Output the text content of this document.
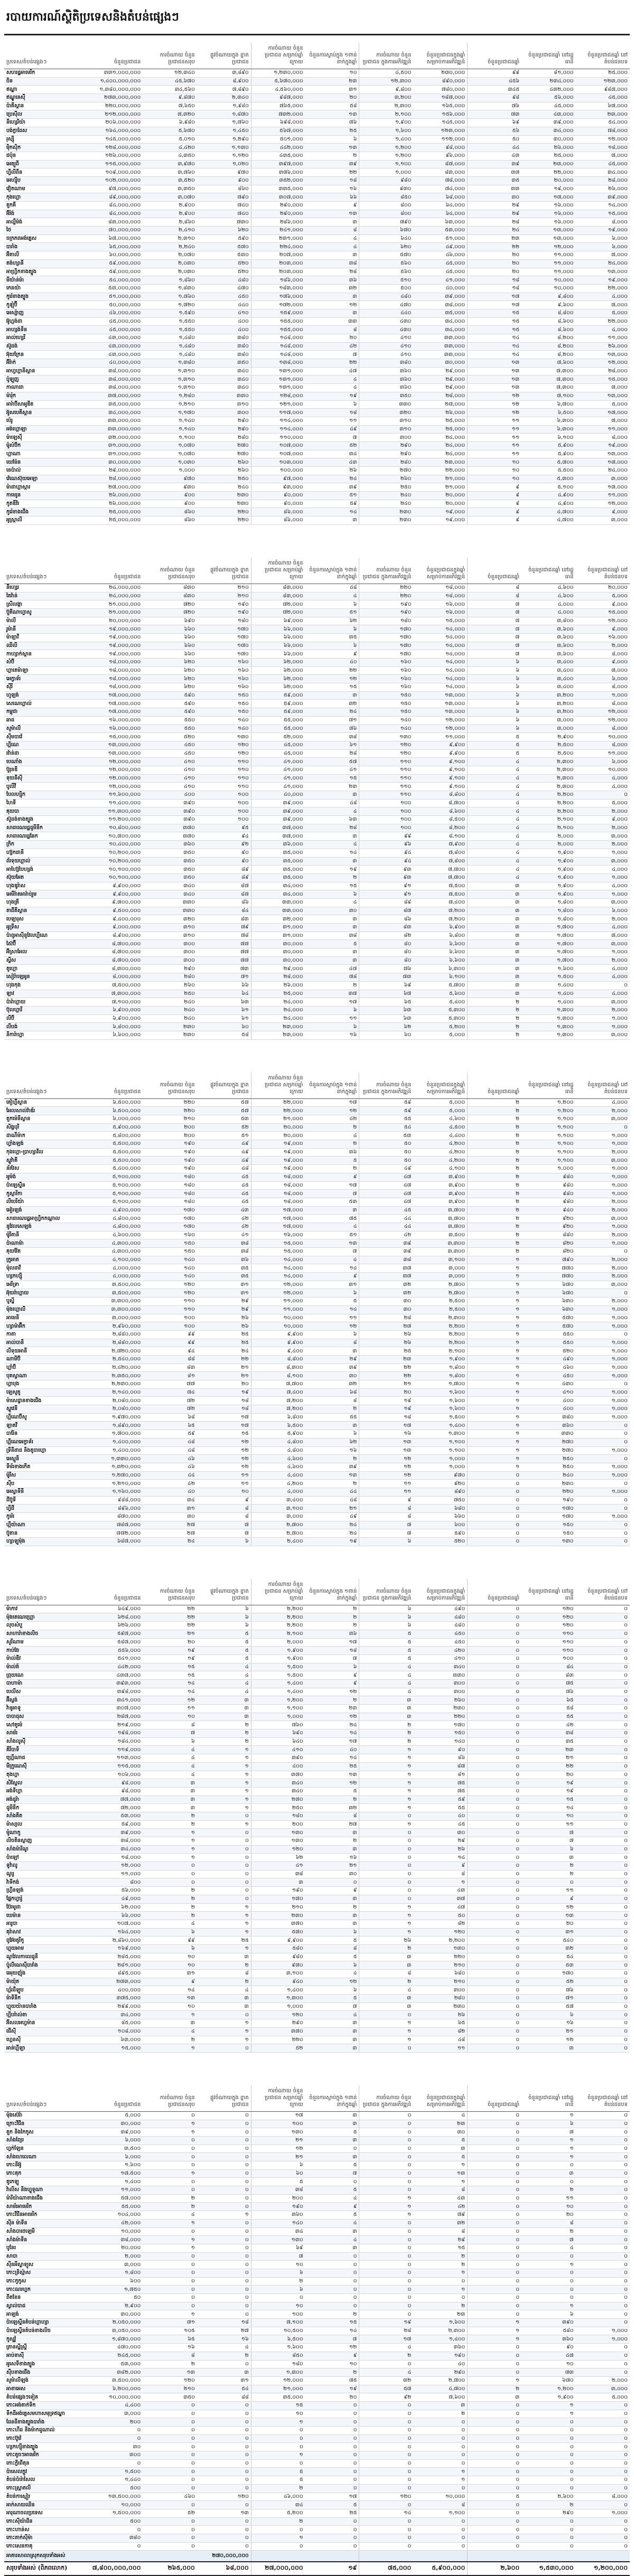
របាយការណ៍ស្ថិតិប្រទេសនិងតំបន់ផ្សេងៗ
ប្រទេស/តំបន់ផ្សេងៗ	ចំនួនប្រជាជន	ការចំណាយ ចំនួនប្រជាជនសរុប	ផ្លូវចំណាយក្នុង ខ្នាតប្រជាជន	ការចំណាយ ចំនួនប្រជាជន សម្រាប់ឆ្នាំក្រោយ	ចំនួនការស្លាប់ក្នុង ១ពាន់នាក់ក្នុងឆ្នាំ	ការចំណាយ ចំនួនប្រជាជន ក្នុងការអភិវឌ្ឍន៍	ចំនួនប្រជាជនក្នុងឆ្នាំ សម្រាប់ការអភិវឌ្ឍន៍	ចំនួនប្រជាជនឆ្នាំ	ចំនួនប្រជាជនឆ្នាំ នៅរដ្ឋធានី	ចំនួនប្រជាជនឆ្នាំ នៅតំបន់ជនបទ
សហរដ្ឋអាមេរិក	៣៣១,០០០,០០០	១២,៣៤០	៣,៨៩០	១,២៣០,០០០	១០	៤,៥០០	២៣០,០០០	៩៩	៨១,០០០	២៥,០០០
ចិន	១,៤០០,០០០,០០០	៤៥,៦៧០	៨,៩០០	៥,៦៧០,០០០	២៣	១២,៣០០	៨៩០,០០០	៤៥៦	២៣៤,០០០	១២៣,០០០
ឥណ្ឌា	១,៣៨០,០០០,០០០	៣៤,៥៦០	៧,៨៩០	៤,៥៦០,០០០	៣១	៩,៨០០	៧៨០,០០០	៣៤៥	៤៣២,០០០	៩៨៧,០០០
ឥណ្ឌូនេស៊ី	២៧៣,០០០,០០០	៩,៨៧០	២,៣៤០	៩៨៧,០០០	២០	៣,២០០	១៨៧,០០០	៩៨	៥៦,០០០	៤៥,០០០
ប៉ាគីស្ថាន	២២០,០០០,០០០	៧,៦៥០	១,៩៨០	៧៦៥,០០០	៥៨	២,៣០០	១៦៥,០០០	៧៦	៤៥,០០០	៦៧,០០០
ប្រេស៊ីល	២១២,០០០,០០០	៧,៣២០	១,៨៧០	៧៣២,០០០	១៣	២,១០០	១៥៦,០០០	៧៣	៤៣,០០០	២៣,០០០
នីហ្សេរីយ៉ា	២០៦,០០០,០០០	៦,៩៨០	១,៧៦០	៦៩៨,០០០	៧៦	១,៩០០	១៤៥,០០០	៦៩	៣៩,០០០	៥៤,០០០
បង់ក្លាដែស	១៦៤,០០០,០០០	៥,៦៧០	១,៤៥០	៥៦៧,០០០	២៥	១,៦០០	១២៣,០០០	៥៦	៣៤,០០០	៧៨,០០០
រុស្ស៊ី	១៤៥,០០០,០០០	៥,០១០	១,២៩០	៥០១,០០០	៦	១,៤០០	១១២,០០០	៥០	៣០,០០០	១២,០០០
ម៉ិកស៊ិក	១២៨,០០០,០០០	៤,៤២០	១,១៣០	៤៤២,០០០	១៣	១,២០០	៩៨,០០០	៤៤	២៦,០០០	១៨,០០០
ជប៉ុន	១២៦,០០០,០០០	៤,៣៥០	១,១២០	៤៣៥,០០០	២	១,២០០	៩៦,០០០	៤៣	២៥,០០០	៧,០០០
អេត្យូពី	១១៥,០០០,០០០	៣,៩៧០	១,០២០	៣៩៧,០០០	៣៩	១,១០០	៨៧,០០០	៣៩	២៣,០០០	៤៥,០០០
ហ្វីលីពីន	១០៩,០០០,០០០	៣,៧៦០	៩៧០	៣៧៦,០០០	២២	១,០០០	៨៣,០០០	៣៧	២២,០០០	៣៤,០០០
អេហ្ស៊ីប	១០២,០០០,០០០	៣,៥២០	៩០០	៣៥២,០០០	១៨	៩៨០	៧៨,០០០	៣៥	២០,០០០	២៨,០០០
វៀតណាម	៩៧,០០០,០០០	៣,៣៥០	៨៦០	៣៣៥,០០០	១៦	៩៣០	៧៤,០០០	៣៣	១៩,០០០	២៦,០០០
កុងហ្គោ	៨៩,០០០,០០០	៣,០៧០	៧៩០	៣០៧,០០០	៦៦	៨៥០	៦៨,០០០	៣០	១៧,០០០	៣៩,០០០
តួកគី	៨៤,០០០,០០០	២,៩០០	៧៤០	២៩០,០០០	៩	៨០០	៦៤,០០០	២៩	១៦,០០០	១៤,០០០
អ៊ីរ៉ង់	៨៤,០០០,០០០	២,៩០០	៧៤០	២៩០,០០០	១៣	៨០០	៦៤,០០០	២៩	១៦,០០០	១៥,០០០
អាល្លឺម៉ង់	៨៣,០០០,០០០	២,៨៦០	៧៣០	២៨៦,០០០	៣	៧៩០	៦៣,០០០	២៨	១៦,០០០	៨,០០០
ថៃ	៧០,០០០,០០០	២,៤១០	៦២០	២៤១,០០០	៨	៦៧០	៥៣,០០០	២៤	១៣,០០០	១៩,០០០
ចក្រភពអង់គ្លេស	៦៧,០០០,០០០	២,៣១០	៥៩០	២៣១,០០០	៤	៦៤០	៥១,០០០	២៣	១៣,០០០	៦,០០០
បារាំង	៦៥,០០០,០០០	២,២៤០	៥៧០	២២៤,០០០	៤	៦២០	៤៩,០០០	២២	១២,០០០	៦,០០០
អ៊ីតាលី	៦០,០០០,០០០	២,០៧០	៥៣០	២០៧,០០០	៣	៥៧០	៤៦,០០០	២០	១១,០០០	៧,០០០
តង់ហ្សានី	៥៩,០០០,០០០	២,០៣០	៥២០	២០៣,០០០	៣៨	៥៦០	៤៥,០០០	២០	១១,០០០	២៤,០០០
អាហ្វ្រិកខាងត្បូង	៥៩,០០០,០០០	២,០៣០	៥២០	២០៣,០០០	២៨	៥៦០	៤៥,០០០	២០	១១,០០០	១៣,០០០
មីយ៉ាន់ម៉ា	៥៤,០០០,០០០	១,៨៦០	៤៨០	១៨៦,០០០	៣៦	៥១០	៤១,០០០	១៨	១០,០០០	១៩,០០០
កេនយ៉ា	៥៣,០០០,០០០	១,៨៣០	៤៧០	១៨៣,០០០	៣២	៥០០	៤០,០០០	១៨	១០,០០០	២២,០០០
កូរ៉េខាងត្បូង	៥១,០០០,០០០	១,៧៦០	៤៥០	១៧៦,០០០	៣	៤៨០	៣៩,០០០	១៧	៩,៨០០	៤,០០០
កូឡុំប៊ី	៥០,០០០,០០០	១,៧២០	៤៤០	១៧២,០០០	១២	៤៧០	៣៨,០០០	១៧	៩,៦០០	៧,០០០
អេស្ប៉ាញ	៤៦,០០០,០០០	១,៥៩០	៤១០	១៥៩,០០០	៣	៤៤០	៣៥,០០០	១៥	៨,៨០០	៥,០០០
អ៊ូហ្គង់ដា	៤៥,០០០,០០០	១,៥៥០	៤០០	១៥៥,០០០	៣៣	៤៣០	៣៤,០០០	១៥	៨,៦០០	២២,០០០
អាហ្សង់ទីន	៤៥,០០០,០០០	១,៥៥០	៤០០	១៥៥,០០០	៨	៤៣០	៣៤,០០០	១៥	៨,៦០០	៤,០០០
អាល់ហ្សេរី	៤៣,០០០,០០០	១,៤៨០	៣៨០	១៤៨,០០០	២០	៤១០	៣៣,០០០	១៤	៨,២០០	១១,០០០
ស៊ូដង់	៤៣,០០០,០០០	១,៤៨០	៣៨០	១៤៨,០០០	៤២	៤១០	៣៣,០០០	១៤	៨,២០០	២៦,០០០
អ៊ុយក្រែន	៤៣,០០០,០០០	១,៤៨០	៣៨០	១៤៨,០០០	៧	៤១០	៣៣,០០០	១៤	៨,២០០	១៣,០០០
អ៊ីរ៉ាក់	៤០,០០០,០០០	១,៣៨០	៣៥០	១៣៨,០០០	២២	៣៨០	៣០,០០០	១៣	៧,៦០០	១២,០០០
អាហ្វហ្គានីស្ថាន	៣៨,០០០,០០០	១,៣១០	៣៤០	១៣១,០០០	៤៧	៣៦០	២៩,០០០	១៣	៧,៣០០	២៨,០០០
ប៉ូឡូញ	៣៨,០០០,០០០	១,៣១០	៣៤០	១៣១,០០០	៤	៣៦០	២៩,០០០	១៣	៧,៣០០	១៥,០០០
កាណាដា	៣៨,០០០,០០០	១,៣១០	៣៤០	១៣១,០០០	៤	៣៦០	២៩,០០០	១៣	៧,៣០០	៧,០០០
ម៉ារ៉ុក	៣៧,០០០,០០០	១,២៨០	៣៣០	១២៨,០០០	១៩	៣៥០	២៨,០០០	១២	៧,១០០	១៣,០០០
អារ៉ាប៊ីសាអូឌីត	៣៥,០០០,០០០	១,២១០	៣១០	១២១,០០០	៦	៣៣០	២៧,០០០	១២	៦,៧០០	៥,០០០
អ៊ូសបេគីស្ថាន	៣៤,០០០,០០០	១,១៧០	៣០០	១១៧,០០០	១៨	៣២០	២៦,០០០	១២	៦,៥០០	១៧,០០០
ប៉េរូ	៣៣,០០០,០០០	១,១៤០	២៩០	១១៤,០០០	១១	៣១០	២៥,០០០	១១	៦,៣០០	៧,០០០
អង់ហ្គោឡា	៣៣,០០០,០០០	១,១៤០	២៩០	១១៤,០០០	៤៩	៣១០	២៥,០០០	១១	៦,៣០០	១១,០០០
ម៉ាឡេស៊ី	៣២,០០០,០០០	១,១០០	២៨០	១១០,០០០	៧	៣០០	២៤,០០០	១១	៦,១០០	៨,០០០
ម៉ូសំប៊ិក	៣១,០០០,០០០	១,០៧០	២៧០	១០៧,០០០	៥២	២៩០	២៤,០០០	១១	៥,៩០០	១៩,០០០
ហ្គាណា	៣១,០០០,០០០	១,០៧០	២៧០	១០៧,០០០	៣៤	២៩០	២៤,០០០	១១	៥,៩០០	១៣,០០០
យេម៉ែន	៣០,០០០,០០០	១,០៣០	២៦០	១០៣,០០០	៤៣	២៨០	២៣,០០០	១០	៥,៧០០	១៧,០០០
នេប៉ាល់	២៩,០០០,០០០	១,០០០	២៦០	១០០,០០០	២៦	២៧០	២២,០០០	១០	៥,៥០០	២៤,០០០
វ៉េណេស៊ុយអេឡា	២៨,០០០,០០០	៩៧០	២៥០	៩៧,០០០	២៤	២៦០	២១,០០០	១០	៥,៣០០	៣,០០០
ម៉ាដាហ្គាស្ការ	២៧,០០០,០០០	៩៣០	២៤០	៩៣,០០០	៣៩	២៥០	២១,០០០	៩	៥,១០០	១៧,០០០
កាមេរូន	២៦,០០០,០០០	៩០០	២៣០	៩០,០០០	៥១	២៤០	២០,០០០	៩	៤,៩០០	១១,០០០
កូតឌីវ័រ	២៦,០០០,០០០	៩០០	២៣០	៩០,០០០	៥៩	២៤០	២០,០០០	៩	៤,៩០០	១២,០០០
កូរ៉េខាងជើង	២៥,០០០,០០០	៨៦០	២២០	៨៦,០០០	១៤	២៣០	១៩,០០០	៩	៤,៧០០	៩,០០០
អូស្ត្រាលី	២៥,០០០,០០០	៨៦០	២២០	៨៦,០០០	៣	២៣០	១៩,០០០	៩	៤,៧០០	៣,០០០
ប្រទេស/តំបន់ផ្សេងៗ	ចំនួនប្រជាជន	ការចំណាយ ចំនួនប្រជាជនសរុប	ផ្លូវចំណាយក្នុង ខ្នាតប្រជាជន	ការចំណាយ ចំនួនប្រជាជន សម្រាប់ឆ្នាំក្រោយ	ចំនួនការស្លាប់ក្នុង ១ពាន់នាក់ក្នុងឆ្នាំ	ការចំណាយ ចំនួនប្រជាជន ក្នុងការអភិវឌ្ឍន៍	ចំនួនប្រជាជនក្នុងឆ្នាំ សម្រាប់ការអភិវឌ្ឍន៍	ចំនួនប្រជាជនឆ្នាំ	ចំនួនប្រជាជនឆ្នាំ នៅរដ្ឋធានី	ចំនួនប្រជាជនឆ្នាំ នៅតំបន់ជនបទ
នីហ្សេរ	២៤,០០០,០០០	៨៣០	២១០	៨៣,០០០	៤៨	២២០	១៨,០០០	៨	៤,៦០០	២០,០០០
តៃវ៉ាន់	២៤,០០០,០០០	៨៣០	២១០	៨៣,០០០	៤	២២០	១៨,០០០	៨	៤,៦០០	៥,០០០
ស្រីលង្កា	២១,០០០,០០០	៧២០	១៩០	៧២,០០០	៦	១៩០	១៦,០០០	៧	៤,០០០	៩,០០០
ប៊ួគីណាហ្វាសូ	២១,០០០,០០០	៧២០	១៩០	៧២,០០០	៥១	១៩០	១៦,០០០	៧	៤,០០០	១៥,០០០
ម៉ាលី	២០,០០០,០០០	៦៩០	១៨០	៦៩,០០០	៦២	១៨០	១៥,០០០	៧	៣,៨០០	១២,០០០
រូម៉ានី	១៩,០០០,០០០	៦៦០	១៧០	៦៦,០០០	៦	១៧០	១៤,០០០	៧	៣,៦០០	៩,០០០
ម៉ាឡាវី	១៩,០០០,០០០	៦៦០	១៧០	៦៦,០០០	៣៥	១៧០	១៤,០០០	៧	៣,៦០០	១៦,០០០
ឈីលី	១៩,០០០,០០០	៦៦០	១៧០	៦៦,០០០	៦	១៧០	១៤,០០០	៧	៣,៦០០	២,០០០
កាហ្សាក់ស្ថាន	១៩,០០០,០០០	៦៦០	១៧០	៦៦,០០០	៩	១៧០	១៤,០០០	៧	៣,៦០០	៨,០០០
សំប៊ី	១៨,០០០,០០០	៦២០	១៦០	៦២,០០០	៤០	១៦០	១៤,០០០	៦	៣,៤០០	៩,០០០
ហ្គាតេម៉ាឡា	១៨,០០០,០០០	៦២០	១៦០	៦២,០០០	២២	១៦០	១៤,០០០	៦	៣,៤០០	៧,០០០
អេក្វាទ័រ	១៨,០០០,០០០	៦២០	១៦០	៦២,០០០	១២	១៦០	១៤,០០០	៦	៣,៤០០	៦,០០០
ស៊ីរី	១៨,០០០,០០០	៦២០	១៦០	៦២,០០០	១៥	១៦០	១៤,០០០	៦	៣,៤០០	៨,០០០
ហូឡង់	១៧,០០០,០០០	៥៩០	១៥០	៥៩,០០០	៣	១៥០	១៣,០០០	៦	៣,២០០	១,០០០
សេណេហ្គាល់	១៧,០០០,០០០	៥៩០	១៥០	៥៩,០០០	៣២	១៥០	១៣,០០០	៦	៣,២០០	៨,០០០
កម្ពុជា	១៧,០០០,០០០	៥៩០	១៥០	៥៩,០០០	២៤	១៥០	១៣,០០០	៦	៣,២០០	១២,០០០
ឆាដ	១៦,០០០,០០០	៥៥០	១៤០	៥៥,០០០	៧១	១៤០	១២,០០០	៦	៣,០០០	១២,០០០
សូម៉ាលី	១៦,០០០,០០០	៥៥០	១៤០	៥៥,០០០	៧៦	១៤០	១២,០០០	៦	៣,០០០	៨,០០០
ស៊ីមបាវ៉េ	១៥,០០០,០០០	៥២០	១៣០	៥២,០០០	៣៨	១៣០	១១,០០០	៥	២,៩០០	១០,០០០
ហ្គីណេ	១៣,០០០,០០០	៤៥០	១២០	៤៥,០០០	៦១	១២០	៩,៩០០	៥	២,៥០០	៨,០០០
រវ៉ាន់ដា	១៣,០០០,០០០	៤៥០	១២០	៤៥,០០០	២៨	១២០	៩,៩០០	៥	២,៥០០	១១,០០០
បេណាំង	១២,០០០,០០០	៤១០	១១០	៤១,០០០	៥៧	១១០	៩,១០០	៤	២,៣០០	៦,០០០
ប៊ូរុនឌី	១២,០០០,០០០	៤១០	១១០	៤១,០០០	៤១	១១០	៩,១០០	៤	២,៣០០	១០,០០០
ទុយនីស៊ី	១២,០០០,០០០	៤១០	១១០	៤១,០០០	១៥	១១០	៩,១០០	៤	២,៣០០	៤,០០០
បូលីវី	១២,០០០,០០០	៤១០	១១០	៤១,០០០	២៣	១១០	៩,១០០	៤	២,៣០០	៤,០០០
បែលហ្ស៊ិក	១១,៦០០,០០០	៤០០	១០០	៤០,០០០	៣	១១០	៨,៨០០	៤	២,២០០	០
ហៃទី	១១,៤០០,០០០	៣៩០	១០០	៣៩,០០០	៤៨	១០០	៨,៧០០	៤	២,២០០	៥,០០០
គុយបា	១១,៣០០,០០០	៣៩០	១០០	៣៩,០០០	៤	១០០	៨,៦០០	៤	២,២០០	២,០០០
ស៊ូដង់ខាងត្បូង	១១,២០០,០០០	៣៩០	១០០	៣៩,០០០	៦៣	១០០	៨,៥០០	៤	២,១០០	៩,០០០
សាធារណរដ្ឋដូមីនីក	១០,៨០០,០០០	៣៧០	៩៥	៣៧,០០០	២៨	១០០	៨,២០០	៤	២,១០០	២,០០០
សាធារណរដ្ឋឆែក	១០,៧០០,០០០	៣៧០	៩៤	៣៧,០០០	៣	៩៩	៨,១០០	៤	២,០០០	៣,០០០
ក្រិក	១០,៤០០,០០០	៣៦០	៩២	៣៦,០០០	៤	៩៦	៧,៩០០	៤	២,០០០	២,០០០
ហ្ស៊កដានី	១០,២០០,០០០	៣៥០	៩០	៣៥,០០០	១៤	៩៤	៧,៨០០	៤	១,៩០០	១,០០០
ព័រទុយហ្គាល់	១០,២០០,០០០	៣៥០	៩០	៣៥,០០០	៣	៩៤	៧,៨០០	៤	១,៩០០	៣,០០០
អាហ្ស៊ែបៃហ្សង់	១០,១០០,០០០	៣៥០	៨៩	៣៥,០០០	១៩	៩៣	៧,៧០០	៤	១,៩០០	៤,០០០
ស៊ុយអែត	១០,១០០,០០០	៣៥០	៨៩	៣៥,០០០	២	៩៣	៧,៧០០	៤	១,៩០០	១,០០០
ហុងឌូរ៉ាស	៩,៩០០,០០០	៣៤០	៨៧	៣៤,០០០	១៥	៩១	៧,៥០០	៣	១,៩០០	៤,០០០
អេមីរ៉ាតអារ៉ាប់រួម	៩,៩០០,០០០	៣៤០	៨៧	៣៤,០០០	៦	៩១	៧,៥០០	៣	១,៩០០	១,០០០
ហុងគ្រី	៩,៧០០,០០០	៣៣០	៨៦	៣៣,០០០	៤	៨៩	៧,៤០០	៣	១,៨០០	៣,០០០
តាជីគីស្ថាន	៩,៥០០,០០០	៣៣០	៨៤	៣៣,០០០	៣០	៨៧	៧,២០០	៣	១,៨០០	៦,០០០
បេឡារុស	៩,៤០០,០០០	៣២០	៨៣	៣២,០០០	៣	៨៦	៧,២០០	៣	១,៨០០	២,០០០
អូទ្រីស	៩,០០០,០០០	៣១០	៧៩	៣១,០០០	៣	៨៣	៦,៩០០	៣	១,៧០០	៤,០០០
ប៉ាពូអាស៊ីនូវែលហ្គីណេ	៨,៩០០,០០០	៣១០	៧៨	៣១,០០០	៣៨	៨២	៦,៨០០	៣	១,៧០០	៧,០០០
ស៊ែប៊ី	៨,៧០០,០០០	៣០០	៧៧	៣០,០០០	៥	៨០	៦,៦០០	៣	១,៧០០	៣,០០០
អ៊ីស្រាអែល	៨,៧០០,០០០	៣០០	៧៧	៣០,០០០	៣	៨០	៦,៦០០	៣	១,៧០០	១,០០០
ស្វីស	៨,៧០០,០០០	៣០០	៧៧	៣០,០០០	៣	៨០	៦,៦០០	៣	១,៧០០	២,០០០
តូហ្គោ	៨,៣០០,០០០	២៩០	៧៣	២៩,០០០	៤៧	៧៦	៦,៣០០	៣	១,៦០០	៤,០០០
សៀរ៉ាឡេអូន	៨,០០០,០០០	២៨០	៧១	២៨,០០០	៧៨	៧៣	៦,១០០	៣	១,៥០០	៤,០០០
ហុងកុង	៧,៥០០,០០០	២៦០	៦៦	២៦,០០០	២	៦៩	៥,៧០០	៣	១,៤០០	០
ឡាវ	៧,៣០០,០០០	២៥០	៦៤	២៥,០០០	៣៧	៦៧	៥,៦០០	៣	១,៤០០	៤,០០០
ប៉ារ៉ាហ្គាយ	៧,១០០,០០០	២៤០	៦៣	២៤,០០០	១៧	៦៥	៥,៤០០	២	១,៤០០	៣,០០០
ប៊ុលហ្គារី	៦,៩០០,០០០	២៤០	៦១	២៤,០០០	៦	៦៣	៥,៣០០	២	១,៣០០	២,០០០
លីប៊ី	៦,៩០០,០០០	២៤០	៦១	២៤,០០០	១១	៦៣	៥,៣០០	២	១,៣០០	១,០០០
លីបង់	៦,៨០០,០០០	២៣០	៦០	២៣,០០០	៦	៦២	៥,២០០	២	១,៣០០	១,០០០
នីការ៉ាហ្គា	៦,៦០០,០០០	២៣០	៥៨	២៣,០០០	១៦	៦០	៥,០០០	២	១,៣០០	៣,០០០
ប្រទេស/តំបន់ផ្សេងៗ	ចំនួនប្រជាជន	ការចំណាយ ចំនួនប្រជាជនសរុប	ផ្លូវចំណាយក្នុង ខ្នាតប្រជាជន	ការចំណាយ ចំនួនប្រជាជន សម្រាប់ឆ្នាំក្រោយ	ចំនួនការស្លាប់ក្នុង ១ពាន់នាក់ក្នុងឆ្នាំ	ការចំណាយ ចំនួនប្រជាជន ក្នុងការអភិវឌ្ឍន៍	ចំនួនប្រជាជនក្នុងឆ្នាំ សម្រាប់ការអភិវឌ្ឍន៍	ចំនួនប្រជាជនឆ្នាំ	ចំនួនប្រជាជនឆ្នាំ នៅរដ្ឋធានី	ចំនួនប្រជាជនឆ្នាំ នៅតំបន់ជនបទ
គៀហ្គីស្ថាន	៦,៥០០,០០០	២២០	៥៧	២២,០០០	១៧	៥៩	៥,០០០	២	១,២០០	៤,០០០
អែលសាល់វ៉ាឌ័រ	៦,៥០០,០០០	២២០	៥៧	២២,០០០	១២	៥៩	៥,០០០	២	១,២០០	២,០០០
តួកម៉េនីស្ថាន	៦,០០០,០០០	២១០	៥៣	២១,០០០	៤២	៥៥	៤,៦០០	២	១,១០០	៣,០០០
សិង្ហបុរី	៥,៩០០,០០០	២០០	៥២	២០,០០០	២	៥៤	៤,៥០០	២	១,១០០	០
ដាណឺម៉ាក	៥,៨០០,០០០	២០០	៥១	២០,០០០	៤	៥៣	៤,៤០០	២	១,១០០	១,០០០
ហ្វាំងឡង់	៥,៥០០,០០០	១៩០	៤៩	១៩,០០០	២	៥០	៤,២០០	២	១,១០០	១,០០០
កុងហ្គោ-ប្រាហ្សាវីល	៥,៥០០,០០០	១៩០	៤៩	១៩,០០០	៣៦	៥០	៤,២០០	២	១,១០០	២,០០០
ស្លូវ៉ាគី	៥,៥០០,០០០	១៩០	៤៩	១៩,០០០	៥	៥០	៤,២០០	២	១,១០០	៣,០០០
ន័រវែស	៥,៤០០,០០០	១៩០	៤៨	១៩,០០០	២	៤៩	៤,១០០	២	១,០០០	១,០០០
អូម៉ង់	៥,១០០,០០០	១៨០	៤៥	១៨,០០០	៩	៤៧	៣,៩០០	២	៩៨០	១,០០០
ប៉ាឡេស្ទីន	៥,១០០,០០០	១៨០	៤៥	១៨,០០០	១៧	៤៧	៣,៩០០	២	៩៨០	១,០០០
កូស្តារីកា	៥,១០០,០០០	១៨០	៤៥	១៨,០០០	៧	៤៧	៣,៩០០	២	៩៨០	១,០០០
លីបេរីយ៉ា	៥,១០០,០០០	១៨០	៤៥	១៨,០០០	៥៣	៤៧	៣,៩០០	២	៩៨០	២,០០០
អៀរឡង់	៤,៩០០,០០០	១៧០	៤៣	១៧,០០០	៣	៤៥	៣,៧០០	២	៩៤០	២,០០០
សាធារណរដ្ឋអាហ្វ្រិកកណ្ដាល	៤,៨០០,០០០	១៧០	៤២	១៧,០០០	៧៥	៤៤	៣,៧០០	២	៩២០	៣,០០០
នូវែលសេឡង់	៤,៨០០,០០០	១៧០	៤២	១៧,០០០	៤	៤៤	៣,៧០០	២	៩២០	១,០០០
ម៉ូរីតានី	៤,៦០០,០០០	១៦០	៤១	១៦,០០០	៥១	៤២	៣,៥០០	២	៨៨០	២,០០០
ប៉ាណាម៉ា	៤,៣០០,០០០	១៥០	៣៨	១៥,០០០	១៣	៣៩	៣,៣០០	២	៨២០	១,០០០
គុយវ៉ែត	៤,៣០០,០០០	១៥០	៣៨	១៥,០០០	៧	៣៩	៣,៣០០	២	៨២០	០
ក្រូអាត	៤,១០០,០០០	១៤០	៣៦	១៤,០០០	៤	៣៨	៣,១០០	១	៧៩០	២,០០០
ម៉ុលដាវី	៤,០០០,០០០	១៤០	៣៥	១៤,០០០	១៤	៣៧	៣,០០០	១	៧៧០	២,០០០
ហ្សកហ្ស៊ី	៤,០០០,០០០	១៤០	៣៥	១៤,០០០	៩	៣៧	៣,០០០	១	៧៧០	២,០០០
អេរីទ្រា	៣,៥០០,០០០	១២០	៣១	១២,០០០	៣១	៣២	២,៧០០	១	៦៧០	៣,០០០
អ៊ុយរ៉ាហ្គាយ	៣,៥០០,០០០	១២០	៣១	១២,០០០	៦	៣២	២,៧០០	១	៦៧០	០
បូស្នី	៣,៣០០,០០០	១១០	២៩	១១,០០០	៥	៣០	២,៥០០	១	៦៣០	២,០០០
ម៉ុងហ្គោលី	៣,៣០០,០០០	១១០	២៩	១១,០០០	១៤	៣០	២,៥០០	១	៦៣០	១,០០០
អាមេនី	៣,០០០,០០០	១០០	២៦	១០,០០០	១១	២៨	២,៣០០	១	៥៧០	១,០០០
ហ្សាម៉ាអ៊ីក	២,៩៦០,០០០	១០០	២៦	១០,០០០	១២	២៧	២,២០០	១	៥៧០	១,០០០
កាតា	២,៨៨០,០០០	៩៩	២៥	៩,៩០០	៦	២៦	២,២០០	១	៥៥០	០
អាល់បានី	២,៨៨០,០០០	៩៩	២៥	៩,៩០០	៨	២៦	២,២០០	១	៥៥០	១,០០០
លីទុយអានី	២,៧២០,០០០	៩៤	២៤	៩,៤០០	៣	២៥	២,១០០	១	៥២០	១,០០០
ណាមីប៊ី	២,៥៤០,០០០	៨៨	២២	៨,៨០០	២៩	២៣	១,៩០០	១	៤៩០	១,០០០
ហ្គាំប៊ី	២,៤២០,០០០	៨៣	២១	៨,៣០០	៣៩	២២	១,៨០០	១	៤៦០	១,០០០
បុតស្វាណា	២,៣៥០,០០០	៨១	២១	៨,១០០	៣០	២២	១,៨០០	១	៤៥០	១,០០០
ហ្គាបុង	២,២៣០,០០០	៧៧	២០	៧,៧០០	៣២	២១	១,៧០០	១	៤៣០	០
ឡេសូតូ	២,១៤០,០០០	៧៤	១៩	៧,៤០០	៦៨	២០	១,៦០០	១	៤១០	១,០០០
ម៉ាសេដ្វានខាងជើង	២,០៨០,០០០	៧២	១៨	៧,២០០	៨	១៩	១,៦០០	១	៤០០	១,០០០
ស្លូវេនី	២,០៨០,០០០	៧២	១៨	៧,២០០	២	១៩	១,៦០០	១	៤០០	១,០០០
ហ្គីណេប៊ីសូ	១,៩៧០,០០០	៦៨	១៧	៦,៨០០	៥៥	១៨	១,៥០០	១	៣៨០	១,០០០
ឡាតវី	១,៨៩០,០០០	៦៥	១៧	៦,៥០០	៣	១៧	១,៤០០	១	៣៦០	០
បារ៉ែន	១,៧០០,០០០	៥៩	១៥	៥,៩០០	៦	១៦	១,៣០០	១	៣៣០	០
ហ្គីណេអេក្វាទ័រ	១,៤០០,០០០	៤៨	១២	៤,៨០០	៦២	១៣	១,១០០	១	២៧០	០
ទ្រីនីដាដ និងតូបាហ្គោ	១,៤០០,០០០	៤៨	១២	៤,៨០០	១៦	១៣	១,១០០	១	២៧០	១,០០០
អេស្តូនី	១,៣៣០,០០០	៤៦	១២	៤,៦០០	២	១២	១,០០០	១	២៥០	០
ទីម័រខាងកើត	១,៣២០,០០០	៤៦	១២	៤,៦០០	៣៩	១២	១,០០០	១	២៥០	១,០០០
ម៉ូរីស	១,២៧០,០០០	៤៤	១១	៤,៤០០	១៣	១២	៩៧០	០	២៤០	១,០០០
ស៊ីប	១,២១០,០០០	៤២	១១	៤,២០០	២	១១	៩២០	០	២៣០	០
អេស្វាទីនី	១,១៦០,០០០	៤០	១០	៤,០០០	៤៤	១១	៨៩០	០	២២០	១,០០០
ជីប៊ូទី	៩៨៨,០០០	៣៤	៩	៣,៤០០	៤៨	៩	៧៥០	០	១៩០	០
ហ្វីជី	៨៩៦,០០០	៣១	៨	៣,១០០	២១	៨	៦៨០	០	១៧០	០
កូម័រ	៨៧០,០០០	៣០	៨	៣,០០០	៤៩	៨	៦៦០	០	១៧០	១,០០០
ហ្គីយ៉ាណា	៧៨៧,០០០	២៧	៧	២,៧០០	២៤	៧	៦០០	០	១៥០	០
ប៊ូតាន	៧៧២,០០០	២៧	៧	២,៧០០	២៤	៧	៥៩០	០	១៥០	០
ហ្សាឡូម៉ុង	៦៨៧,០០០	២៤	៦	២,៤០០	១៩	៦	៥២០	០	១៣០	០
ប្រទេស/តំបន់ផ្សេងៗ	ចំនួនប្រជាជន	ការចំណាយ ចំនួនប្រជាជនសរុប	ផ្លូវចំណាយក្នុង ខ្នាតប្រជាជន	ការចំណាយ ចំនួនប្រជាជន សម្រាប់ឆ្នាំក្រោយ	ចំនួនការស្លាប់ក្នុង ១ពាន់នាក់ក្នុងឆ្នាំ	ការចំណាយ ចំនួនប្រជាជន ក្នុងការអភិវឌ្ឍន៍	ចំនួនប្រជាជនក្នុងឆ្នាំ សម្រាប់ការអភិវឌ្ឍន៍	ចំនួនប្រជាជនឆ្នាំ	ចំនួនប្រជាជនឆ្នាំ នៅរដ្ឋធានី	ចំនួនប្រជាជនឆ្នាំ នៅតំបន់ជនបទ
ម៉ាកាវ	៦៤៩,០០០	២២	៦	២,២០០	២	៦	៤៩០	០	១២០	០
ម៉ុងតេណេហ្គ្រោ	៦២៨,០០០	២២	៦	២,២០០	២	៦	៤៨០	០	១២០	០
លុចសំបួ	៦២៦,០០០	២២	៦	២,២០០	២	៦	៤៨០	០	១២០	០
សាហារ៉ាខាងលិច	៥៩៧,០០០	២១	៥	២,១០០	៣៦	៥	៤៥០	០	១១០	០
សូរីណាម	៥៨៧,០០០	២០	៥	២,០០០	១៧	៥	៤៥០	០	១១០	០
កាប់វែរ	៥៥៦,០០០	១៩	៥	១,៩០០	១៨	៥	៤២០	០	១១០	០
ម៉ាល់ឌីវ	៥៤១,០០០	១៩	៥	១,៩០០	៧	៥	៤១០	០	១០០	០
ម៉ាល់ត៍	៤៤២,០០០	១៥	៤	១,៥០០	៦	៤	៣៤០	០	៨៤	០
ព្រុយណេ	៤៣៧,០០០	១៥	៤	១,៥០០	៩	៤	៣៣០	០	៨៣	០
បាហាម៉ា	៣៩៣,០០០	១៤	៤	១,៤០០	៩	៤	៣០០	០	៧៥	០
បេលីស	៣៩៨,០០០	១៤	៤	១,៤០០	១២	៤	៣០០	០	៧៦	០
អ៊ីស្លង់	៣៤១,០០០	១២	៣	១,២០០	២	៣	២៦០	០	៦៥	០
វ៉ានូអាទូ	៣០៧,០០០	១១	៣	១,១០០	២៣	៣	២៣០	០	៥៨	០
បាបាដុស	២៨៧,០០០	១០	៣	១,០០០	១២	៣	២២០	០	៥៥	០
សៅតូម៉េ	២១៩,០០០	៨	២	៧៦០	២៤	២	១៧០	០	៤២	០
សាម័រ	១៩៨,០០០	៧	២	៦៩០	១៤	២	១៥០	០	៣៨	០
សាំងលូស៊ី	១៨៤,០០០	៦	២	៦៤០	១៧	២	១៤០	០	៣៥	០
គីរីបាទី	១១៩,០០០	៤	១	៤១០	៤០	១	៩០	០	២៣	០
ហ្គ្រើណាដ	១១៣,០០០	៤	១	៣៩០	១៤	១	៨៦	០	២១	០
មីក្រូណេស៊ី	១១៥,០០០	៤	១	៤០០	២៥	១	៨៧	០	២២	០
តុងហ្គា	១០៦,០០០	៤	១	៣៧០	១៣	១	៨១	០	២០	០
សិស្ហែល	៩៨,០០០	៣	១	៣៤០	១២	១	៧៥	០	១៩	០
អង់ទីហ្គា	៩៨,០០០	៣	១	៣៤០	៥	១	៧៥	០	១៩	០
អង់ដូរ៉ា	៧៧,០០០	៣	១	២៧០	២	១	៥៩	០	១៥	០
ដូមីនីក	៧២,០០០	៣	១	២៥០	៣២	១	៥៥	០	១៤	០
សាំងគីត	៥៣,០០០	២	០	១៨០	៨	០	៤០	០	១០	០
ម៉ាស្យល	៥៩,០០០	២	១	២០០	២៧	១	៤៥	០	១១	០
ម៉ូណាកូ	៣៩,០០០	១	០	១៣០	៣	០	៣០	០	៧	០
លិចតិនស្ដាញ	៣៨,០០០	១	០	១៣០	២	០	២៩	០	៧	០
សាំងម៉ារីណូ	៣៤,០០០	១	០	១២០	៣	០	២៦	០	៦	០
ប៉ាឡៅ	១៨,០០០	១	០	៦២	១៦	០	១៤	០	៣	០
ទូវ៉ាលូ	១២,០០០	០	០	៤១	២១	០	៩	០	២	០
ណូរូ	១១,០០០	០	០	៣៨	៣០	០	៨	០	២	០
វ៉ាទីកង់	៨០០	០	០	៣	០	០	១	០	០	០
ហ្គ្រីនឡង់	៥៦,០០០	២	០	១៩០	៩	០	៤៣	០	១១	០
ផ្នែកហ្វារ៉ូ	៤៩,០០០	២	០	១៧០	៣	០	៣៧	០	៩	០
ប៊ែរមូដា	៦២,០០០	២	១	២១០	២	១	៤៧	០	១២	០
ឃេម៉ាន	៦៦,០០០	២	១	២៣០	៣	១	៥០	០	១៣	០
អារូបា	១០៧,០០០	៤	១	៣៧០	៣	១	៨២	០	២០	០
គុរ៉ាសាវ	១៦៤,០០០	៦	១	៥៧០	៦	១	១២០	០	៣១	០
ពូអ៊ែរតូរីកូ	២,៨៦០,០០០	៩៩	២៥	៩,៩០០	៥	២៦	២,២០០	១	៥៤០	០
ហ្គុយអាម	១៦៩,០០០	៦	១	៥៨០	៨	២	១៣០	០	៣២	០
ណូវែលកាលេដូនី	២៨៥,០០០	១០	៣	៩៨០	៥	៣	២២០	០	៥៤	០
ប៉ូលីណេស៊ីបារាំង	២៨១,០០០	១០	២	៩៧០	៦	៣	២១០	០	៥៣	០
រេអុយញ៉ុង	៨៩៥,០០០	៣១	៨	៣,១០០	៤	៨	៦៨០	០	១៧០	០
ម៉ាយ៉ុត	២៧៣,០០០	៩	២	៩៤០	១២	២	២១០	០	៥២	០
ហ្គ័រដឺឡូប	៤០០,០០០	១៤	៤	១,៤០០	៦	៤	៣០០	០	៧៦	០
ម៉ាទីនីក	៣៧៥,០០០	១៣	៣	១,៣០០	៥	៣	២៨០	០	៧១	០
ហ្គុយយ៉ានបារាំង	២៩៩,០០០	១០	៣	១,០០០	៧	៣	២៣០	០	៥៧	០
ហ្គីបរ៉ាល់តា	៣៤,០០០	១	០	១២០	៤	០	២៦	០	៦	០
អ៊ីសលអហ្វម៉ាន	៨៥,០០០	៣	១	២៩០	៣	១	៦៥	០	១៦	០
ជើស៊ី	១០៨,០០០	៤	១	៣៧០	៣	១	៨២	០	២១	០
ហ្គេនស៊ី	៦៣,០០០	២	១	២២០	៣	១	៤៨	០	១២	០
អាន់ហ្គីឡា	១៥,០០០	១	០	៥២	៣	០	១១	០	៣	០
ប្រទេស/តំបន់ផ្សេងៗ	ចំនួនប្រជាជន	ការចំណាយ ចំនួនប្រជាជនសរុប	ផ្លូវចំណាយក្នុង ខ្នាតប្រជាជន	ការចំណាយ ចំនួនប្រជាជន សម្រាប់ឆ្នាំក្រោយ	ចំនួនការស្លាប់ក្នុង ១ពាន់នាក់ក្នុងឆ្នាំ	ការចំណាយ ចំនួនប្រជាជន ក្នុងការអភិវឌ្ឍន៍	ចំនួនប្រជាជនក្នុងឆ្នាំ សម្រាប់ការអភិវឌ្ឍន៍	ចំនួនប្រជាជនឆ្នាំ	ចំនួនប្រជាជនឆ្នាំ នៅរដ្ឋធានី	ចំនួនប្រជាជនឆ្នាំ នៅតំបន់ជនបទ
ម៉ុងស៊េរ៉ា	៥,០០០	០	០	១៧	៣	០	៤	០	១	០
ក្រោះវឺជីន	៣០,០០០	១	០	១០០	៣	០	២៣	០	៦	០
តួក និងកៃកូស	៣៩,០០០	១	០	១៣០	៥	០	៣០	០	៧	០
សាំងព្យែរ	៦,០០០	០	០	២១	៣	០	៥	០	១	០
ហ្វក់ឡែន	៣,៥០០	០	០	១២	០	០	៣	០	១	០
សាំងហេលេណា	៦,០០០	០	០	២១	៣	០	៥	០	១	០
កោះនីអ៊ូ	១,៦០០	០	០	៦	៥	០	១	០	០	០
កោះគុក	១៧,៥០០	១	០	៦០	៧	០	១៣	០	៣	០
តូកេឡូ	១,៤០០	០	០	៥	០	០	១	០	០	០
វ៉ាលីស និងហ្វូទូណា	១១,០០០	០	០	៣៨	៥	០	៨	០	២	០
ម៉ារីយ៉ាណាខាងជើង	៥៧,០០០	២	០	២០០	៤	១	៤៣	០	១១	០
សាម័រអាមេរិក	៥៥,០០០	២	០	១៩០	៩	១	៤២	០	១០	០
កោះវឺជីនអាមេរិក	១០៤,០០០	៤	១	៣៦០	៥	១	៧៩	០	២០	០
ស៊ីន ម៉ាទីន	៤២,០០០	១	០	១៤០	៤	០	៣២	០	៨	០
សាំងបាថេឡេមី	១០,០០០	០	០	៣៤	៣	០	៨	០	២	០
សាំងម៉ាទីន	៣៨,០០០	១	០	១៣០	៤	០	២៩	០	៧	០
បូនែរ	២០,០០០	១	០	៦៩	៣	០	១៥	០	៤	០
សាបា	២,០០០	០	០	៧	០	០	២	០	០	០
ស៊ីនអឺស្ទាទ្យូស	៣,០០០	០	០	១០	០	០	២	០	១	០
កោះខ្រិស្ម៉ាស	១,៨០០	០	០	៦	០	០	១	០	០	០
កោះកូកូស	៦០០	០	០	២	០	០	០	០	០	០
កោះណរហ្វក	១,៧៥០	០	០	៦	០	០	១	០	០	០
ពីតខែន	៥០	០	០	០	០	០	០	០	០	០
ស្វាល់បាដ	២,៩០០	០	០	១០	០	០	២	០	១	០
អាឡង់	៣០,០០០	១	០	១០០	២	០	២៣	០	៦	០
ប៉ាឡេស្ទីនតំបន់ហ្គាហ្សា	២,០៥០,០០០	៧១	១៨	៧,១០០	១៥	១៩	១,៦០០	១	៣៩០	០
ប៉ាឡេស្ទីនតំបន់ខាងលិច	៣,០៥០,០០០	១០៥	២៧	១០,៥០០	១៤	២៨	២,៣០០	១	៥៨០	១,០០០
កូសូវ៉ូ	១,៨៧០,០០០	៦៥	១៦	៦,៥០០	៧	១៧	១,៤០០	១	៣៦០	១,០០០
ត្រានស្នីស្ទ្រី	៤៧០,០០០	១៦	៤	១,៦០០	១២	៤	៣៦០	០	៩០	០
អាប់ខាស៊ី	២៤៥,០០០	៨	២	៨៥០	៩	២	១៩០	០	៤៧	០
អូសេទីខាងត្បូង	៥៣,០០០	២	០	១៨០	១០	០	៤០	០	១០	០
ស៊ីបខាងជើង	៣៨២,០០០	១៣	៣	១,៣០០	២	៤	២៩០	០	៧៣	០
សូម៉ាលីឡង់	៣,៥០០,០០០	១២០	៣១	១២,០០០	៧៥	៣២	២,៧០០	១	៦៧០	២,០០០
អាខាអេស	៦,២០០,០០០	២១០	៥៤	២១,០០០	១៩	៥៧	៤,៧០០	២	១,២០០	៣,០០០
តំបន់ផ្សេងៗទៀត	១០,០០០,០០០	៣៥០	៨៨	៣៥,០០០	២០	៩២	៧,៦០០	៣	១,៩០០	៥,០០០
កោះអង់តាក់ទិក	៤,៤០០	០	០	១៥	០	០	៣	០	១	០
ទឹកដីអង់គ្លេសមហាសមុទ្រឥណ្ឌា	៣,០០០	០	០	១០	០	០	២	០	១	០
ដែនដីខាងត្បូងបារាំង	២០០	០	០	១	០	០	០	០	០	០
កោះហឺដ និងម៉ាកដូណាល់	០	០	០	០	០	០	០	០	០	០
កោះប៊ូវ៉េ	០	០	០	០	០	០	០	០	០	០
ហ្សកហ្ស៊ីខាងត្បូង	៣០	០	០	០	០	០	០	០	០	០
កោះតូចៗអាមេរិក	៣០០	០	០	១	០	០	០	០	០	០
កោះក្លីពើតុន	០	០	០	០	០	០	០	០	០	០
ប៉ាសេលក្លូវ	១,៥០០	០	០	៥	០	០	១	០	០	០
តំបន់ប៉ារ៉ាសែល	១,៤៤០	០	០	៥	០	០	១	០	០	០
កោះស្ព្រាតលី	៥០០	០	០	២	០	០	០	០	០	០
តំបន់កាស្មៀរ	១៣,៥០០,០០០	៤៦០	១២០	៤៦,០០០	១៧	១២០	១០,០០០	៥	២,៦០០	៨,០០០
អាក់សាយឈិន	១០,០០០	០	០	៣៤	៥	០	៨	០	២	០
អារុណាចលប្រទេស	១,៥០០,០០០	៥២	១៣	៥,២០០	២៥	១៤	១,១០០	០	២៩០	១,០០០
កោះស៊ីយ៉ាជិន	៥០០	០	០	២	០	០	០	០	០	០
កោះហាន់ស	០	០	០	០	០	០	០	០	០	០
កោះតាក់ស៊ីម៉ា	៣៨០	០	០	១	០	០	០	០	០	០
កោះសេនកាគុ	០	០	០	០	០	០	០	០	០	០
អាគារសាលាស្រុកសរុបទាំងអស់			២៧០,០០០,០០០							
សរុបទាំងអស់ (ពិភពលោក)	៧,៨០០,០០០,០០០	២៦៥,០០០	៦៨,០០០	២៧,០០០,០០០	១៩	៧៥,០០០	៥,៩០០,០០០	២,៦០០	១,៥៣០,០០០	១,២០០,០០០
